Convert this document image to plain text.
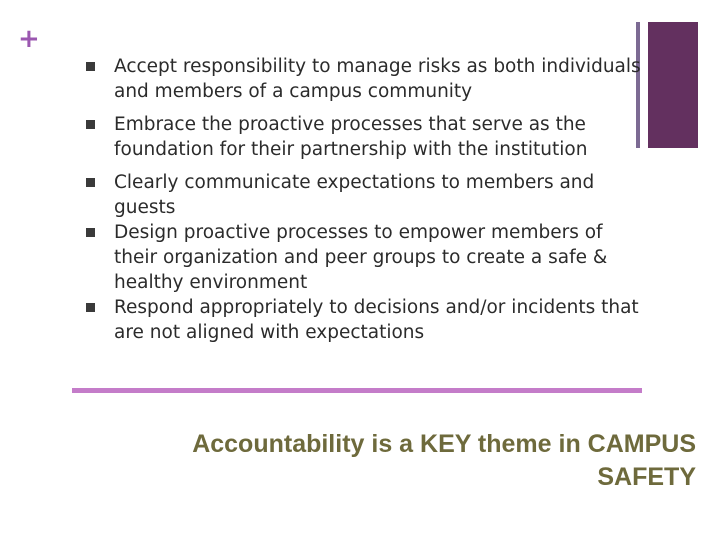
+
Accept responsibility to manage risks as both individuals and members of a campus community
Embrace the proactive processes that serve as the foundation for their partnership with the institution
Clearly communicate expectations to members and guests
Design proactive processes to empower members of their organization and peer groups to create a safe & healthy environment
Respond appropriately to decisions and/or incidents that are not aligned with expectations
Accountability is a KEY theme in CAMPUS SAFETY
